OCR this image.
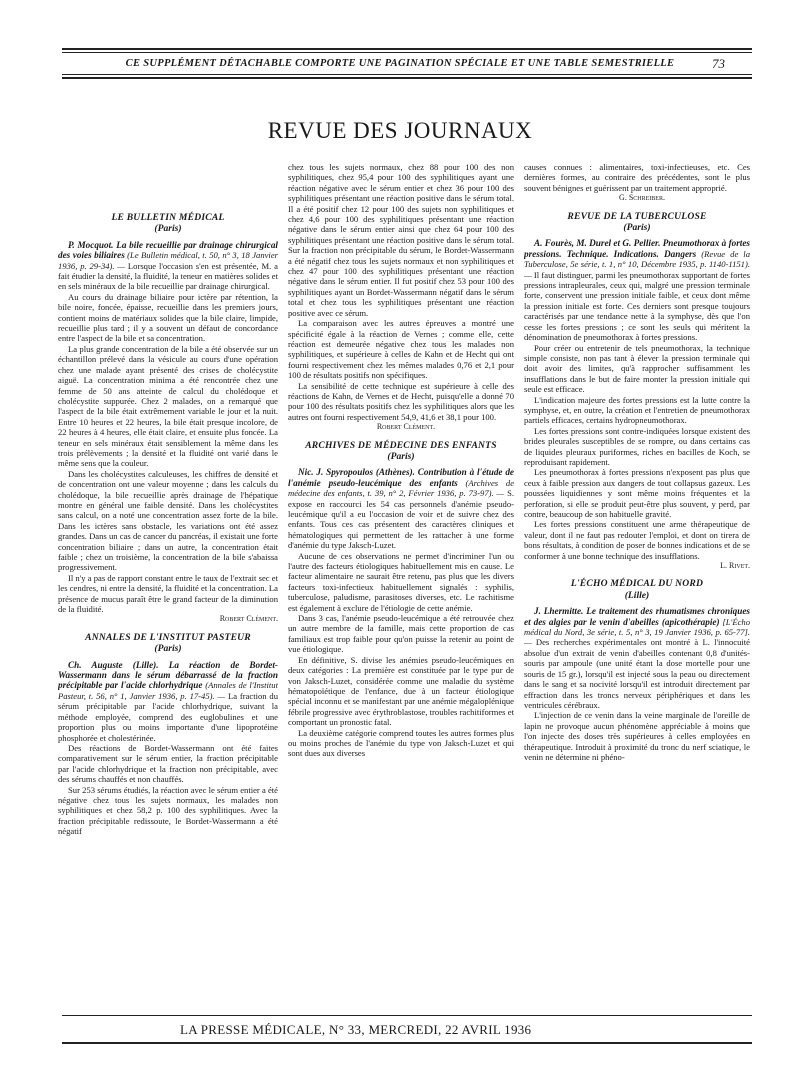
CE SUPPLÉMENT DÉTACHABLE COMPORTE UNE PAGINATION SPÉCIALE ET UNE TABLE SEMESTRIELLE	73
REVUE DES JOURNAUX
LE BULLETIN MÉDICAL
(Paris)

P. Mocquot. La bile recueillie par drainage chirurgical des voies biliaires (Le Bulletin médical, t. 50, n° 3, 18 Janvier 1936, p. 29-34). — Lorsque l'occasion s'en est présentée, M. a fait étudier la densité, la fluidité, la teneur en matières solides et en sels minéraux de la bile recueillie par drainage chirurgical.

Au cours du drainage biliaire pour ictère par rétention, la bile noire, foncée, épaisse, recueillie dans les premiers jours, contient moins de matériaux solides que la bile claire, limpide, recueillie plus tard ; il y a souvent un défaut de concordance entre l'aspect de la bile et sa concentration.

La plus grande concentration de la bile a été observée sur un échantillon prélevé dans la vésicule au cours d'une opération chez une malade ayant présenté des crises de cholécystite aiguë. La concentration minima a été rencontrée chez une femme de 50 ans atteinte de calcul du cholédoque et cholécystite suppurée. Chez 2 malades, on a remarqué que l'aspect de la bile était extrêmement variable le jour et la nuit. Entre 10 heures et 22 heures, la bile était presque incolore, de 22 heures à 4 heures, elle était claire, et ensuite plus foncée. La teneur en sels minéraux était sensiblement la même dans les trois prélèvements ; la densité et la fluidité ont varié dans le même sens que la couleur.

Dans les cholécystites calculeuses, les chiffres de densité et de concentration ont une valeur moyenne ; dans les calculs du cholédoque, la bile recueillie après drainage de l'hépatique montre en général une faible densité. Dans les cholécystites sans calcul, on a noté une concentration assez forte de la bile. Dans les ictères sans obstacle, les variations ont été assez grandes. Dans un cas de cancer du pancréas, il existait une forte concentration biliaire ; dans un autre, la concentration était faible ; chez un troisième, la concentration de la bile s'abaissa progressivement.

Il n'y a pas de rapport constant entre le taux de l'extrait sec et les cendres, ni entre la densité, la fluidité et la concentration. La présence de mucus paraît être le grand facteur de la diminution de la fluidité.

Robert Clément.

ANNALES DE L'INSTITUT PASTEUR
(Paris)

Ch. Auguste (Lille). La réaction de Bordet-Wassermann dans le sérum débarrassé de la fraction précipitable par l'acide chlorhydrique (Annales de l'Institut Pasteur, t. 56, n° 1, Janvier 1936, p. 17-45). — La fraction du sérum précipitable par l'acide chlorhydrique, suivant la méthode employée, comprend des euglobulines et une proportion plus ou moins importante d'une lipoprotéine phosphorée et cholestérinée.

Des réactions de Bordet-Wassermann ont été faites comparativement sur le sérum entier, la fraction précipitable par l'acide chlorhydrique et la fraction non précipitable, avec des sérums chauffés et non chauffés.

Sur 253 sérums étudiés, la réaction avec le sérum entier a été négative chez tous les sujets normaux, les malades non syphilitiques et chez 58,2 p. 100 des syphilitiques. Avec la fraction précipitable redissoute, le Bordet-Wassermann a été négatif

chez tous les sujets normaux, chez 88 pour 100 des non syphilitiques, chez 95,4 pour 100 des syphilitiques ayant une réaction négative avec le sérum entier et chez 36 pour 100 des syphilitiques présentant une réaction positive dans le sérum total. Il a été positif chez 12 pour 100 des sujets non syphilitiques et chez 4,6 pour 100 des syphilitiques présentant une réaction négative dans le sérum entier ainsi que chez 64 pour 100 des syphilitiques présentant une réaction positive dans le sérum total. Sur la fraction non précipitable du sérum, le Bordet-Wassermann a été négatif chez tous les sujets normaux et non syphilitiques et chez 47 pour 100 des syphilitiques présentant une réaction négative dans le sérum entier. Il fut positif chez 53 pour 100 des syphilitiques ayant un Bordet-Wassermann négatif dans le sérum total et chez tous les syphilitiques présentant une réaction positive avec ce sérum.

La comparaison avec les autres épreuves a montré une spécificité égale à la réaction de Vernes ; comme elle, cette réaction est demeurée négative chez tous les malades non syphilitiques, et supérieure à celles de Kahn et de Hecht qui ont fourni respectivement chez les mêmes malades 0,76 et 2,1 pour 100 de résultats positifs non spécifiques.

La sensibilité de cette technique est supérieure à celle des réactions de Kahn, de Vernes et de Hecht, puisqu'elle a donné 70 pour 100 des résultats positifs chez les syphilitiques alors que les autres ont fourni respectivement 54,9, 41,6 et 38,1 pour 100.

Robert Clément.

ARCHIVES DE MÉDECINE DES ENFANTS
(Paris)

Nic. J. Spyropoulos (Athènes). Contribution à l'étude de l'anémie pseudo-leucémique des enfants (Archives de médecine des enfants, t. 39, n° 2, Février 1936, p. 73-97). — S. expose en raccourci les 54 cas personnels d'anémie pseudo-leucémique qu'il a eu l'occasion de voir et de suivre chez des enfants. Tous ces cas présentent des caractères cliniques et hématologiques qui permettent de les rattacher à une forme d'anémie du type Jaksch-Luzet.

Aucune de ces observations ne permet d'incriminer l'un ou l'autre des facteurs étiologiques habituellement mis en cause. Le facteur alimentaire ne saurait être retenu, pas plus que les divers facteurs toxi-infectieux habituellement signalés : syphilis, tuberculose, paludisme, parasitoses diverses, etc. Le rachitisme est également à exclure de l'étiologie de cette anémie.

Dans 3 cas, l'anémie pseudo-leucémique a été retrouvée chez un autre membre de la famille, mais cette proportion de cas familiaux est trop faible pour qu'on puisse la retenir au point de vue étiologique.

En définitive, S. divise les anémies pseudo-leucémiques en deux catégories : La première est constituée par le type pur de von Jaksch-Luzet, considérée comme une maladie du système hématopoïétique de l'enfance, due à un facteur étiologique spécial inconnu et se manifestant par une anémie mégaloplénique fébrile progressive avec érythroblastose, troubles rachitiformes et comportant un pronostic fatal.

La deuxième catégorie comprend toutes les autres formes plus ou moins proches de l'anémie du type von Jaksch-Luzet et qui sont dues aux diverses

causes connues : alimentaires, toxi-infectieuses, etc. Ces dernières formes, au contraire des précédentes, sont le plus souvent bénignes et guérissent par un traitement approprié.

G. Schreiber.

REVUE DE LA TUBERCULOSE
(Paris)

A. Fourès, M. Durel et G. Pellier. Pneumothorax à fortes pressions. Technique. Indications. Dangers (Revue de la Tuberculose, 5e série, t. 1, n° 10, Décembre 1935, p. 1140-1151). — Il faut distinguer, parmi les pneumothorax supportant de fortes pressions intrapleurales, ceux qui, malgré une pression terminale forte, conservent une pression initiale faible, et ceux dont même la pression initiale est forte. Ces derniers sont presque toujours caractérisés par une tendance nette à la symphyse, dès que l'on cesse les fortes pressions ; ce sont les seuls qui méritent la dénomination de pneumothorax à fortes pressions.

Pour créer ou entretenir de tels pneumothorax, la technique simple consiste, non pas tant à élever la pression terminale qui doit avoir des limites, qu'à rapprocher suffisamment les insufflations dans le but de faire monter la pression initiale qui seule est efficace.

L'indication majeure des fortes pressions est la lutte contre la symphyse, et, en outre, la création et l'entretien de pneumothorax partiels efficaces, certains hydropneumothorax.

Les fortes pressions sont contre-indiquées lorsque existent des brides pleurales susceptibles de se rompre, ou dans certains cas de liquides pleuraux puriformes, riches en bacilles de Koch, se reproduisant rapidement.

Les pneumothorax à fortes pressions n'exposent pas plus que ceux à faible pression aux dangers de tout collapsus gazeux. Les poussées liquidiennes y sont même moins fréquentes et la perforation, si elle se produit peut-être plus souvent, y perd, par contre, beaucoup de son habituelle gravité.

Les fortes pressions constituent une arme thérapeutique de valeur, dont il ne faut pas redouter l'emploi, et dont on tirera de bons résultats, à condition de poser de bonnes indications et de se conformer à une bonne technique des insufflations.

L. Rivet.

L'ÉCHO MÉDICAL DU NORD
(Lille)

J. Lhermitte. Le traitement des rhumatismes chroniques et des algies par le venin d'abeilles (apicothérapie) [L'Écho médical du Nord, 3e série, t. 5, n° 3, 19 Janvier 1936, p. 65-77]. — Des recherches expérimentales ont montré à L. l'innocuité absolue d'un extrait de venin d'abeilles contenant 0,8 d'unités-souris par ampoule (une unité étant la dose mortelle pour une souris de 15 gr.), lorsqu'il est injecté sous la peau ou directement dans le sang et sa nocivité lorsqu'il est introduit directement par effraction dans les troncs nerveux périphériques et dans les ventricules cérébraux.

L'injection de ce venin dans la veine marginale de l'oreille de lapin ne provoque aucun phénomène appréciable à moins que l'on injecte des doses très supérieures à celles employées en thérapeutique. Introduit à proximité du tronc du nerf sciatique, le venin ne détermine ni phéno-

LA PRESSE MÉDICALE, N° 33, MERCREDI, 22 AVRIL 1936
